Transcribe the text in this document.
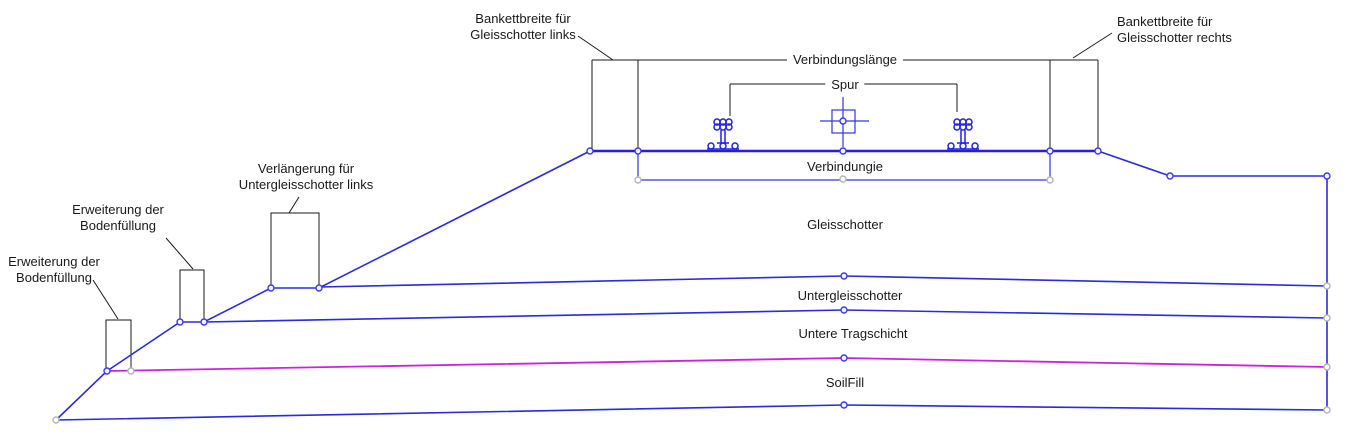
Bankettbreite für
Gleisschotter links
Bankettbreite für
Gleisschotter rechts
Verbindungslänge
Spur
Verbindungie
Gleisschotter
Untergleisschotter
Untere Tragschicht
SoilFill
Verlängerung für
Untergleisschotter links
Erweiterung der
Bodenfüllung
Erweiterung der
Bodenfüllung
